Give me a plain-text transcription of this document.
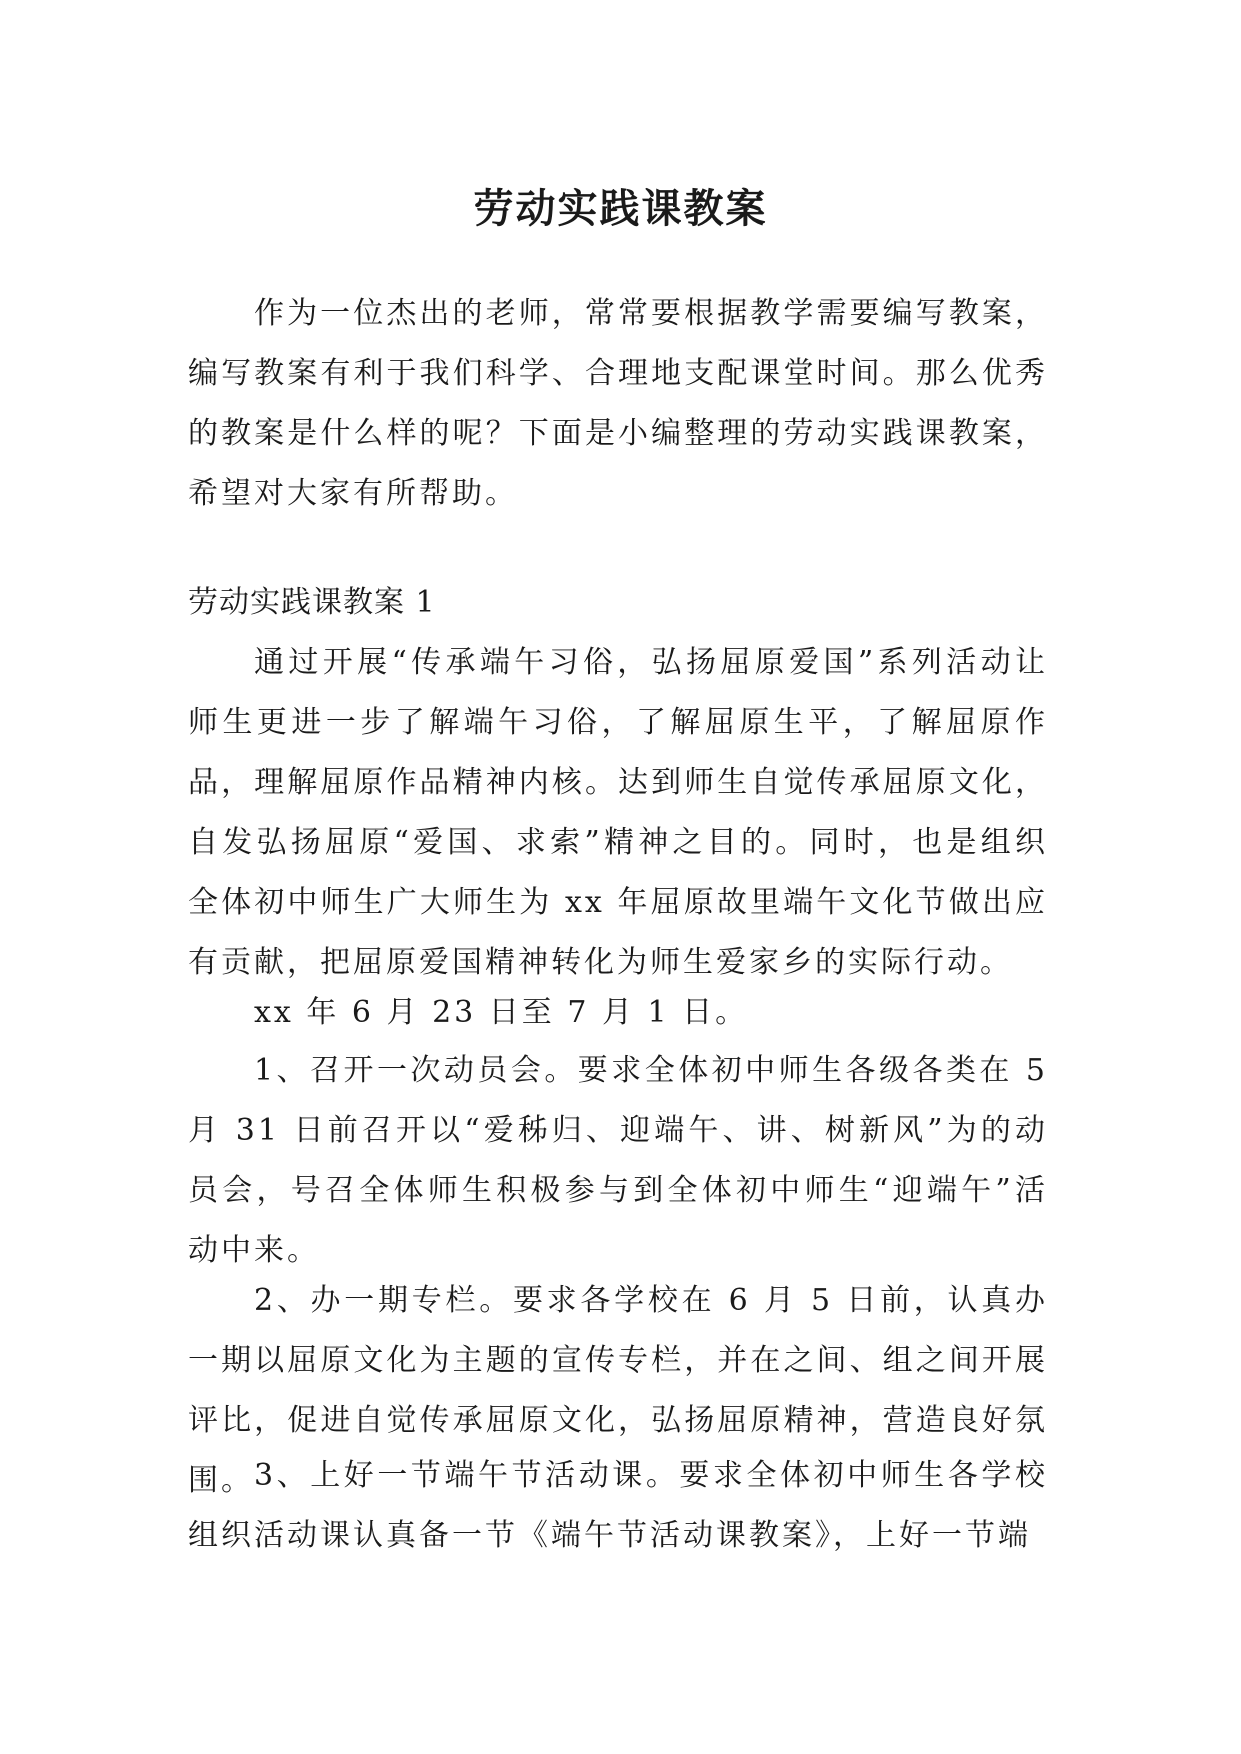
劳动实践课教案

作为一位杰出的老师，常常要根据教学需要编写教案，编写教案有利于我们科学、合理地支配课堂时间。那么优秀的教案是什么样的呢？下面是小编整理的劳动实践课教案，希望对大家有所帮助。

劳动实践课教案 1

通过开展“传承端午习俗，弘扬屈原爱国”系列活动让师生更进一步了解端午习俗，了解屈原生平，了解屈原作品，理解屈原作品精神内核。达到师生自觉传承屈原文化，自发弘扬屈原“爱国、求索”精神之目的。同时，也是组织全体初中师生广大师生为 xx 年屈原故里端午文化节做出应有贡献，把屈原爱国精神转化为师生爱家乡的实际行动。

xx 年 6 月 23 日至 7 月 1 日。

1、召开一次动员会。要求全体初中师生各级各类在 5 月 31 日前召开以“爱秭归、迎端午、讲、树新风”为的动员会，号召全体师生积极参与到全体初中师生“迎端午”活动中来。

2、办一期专栏。要求各学校在 6 月 5 日前，认真办一期以屈原文化为主题的宣传专栏，并在之间、组之间开展评比，促进自觉传承屈原文化，弘扬屈原精神，营造良好氛围。 3、上好一节端午节活动课。要求全体初中师生各学校组织活动课认真备一节《端午节活动课教案》，上好一节端
